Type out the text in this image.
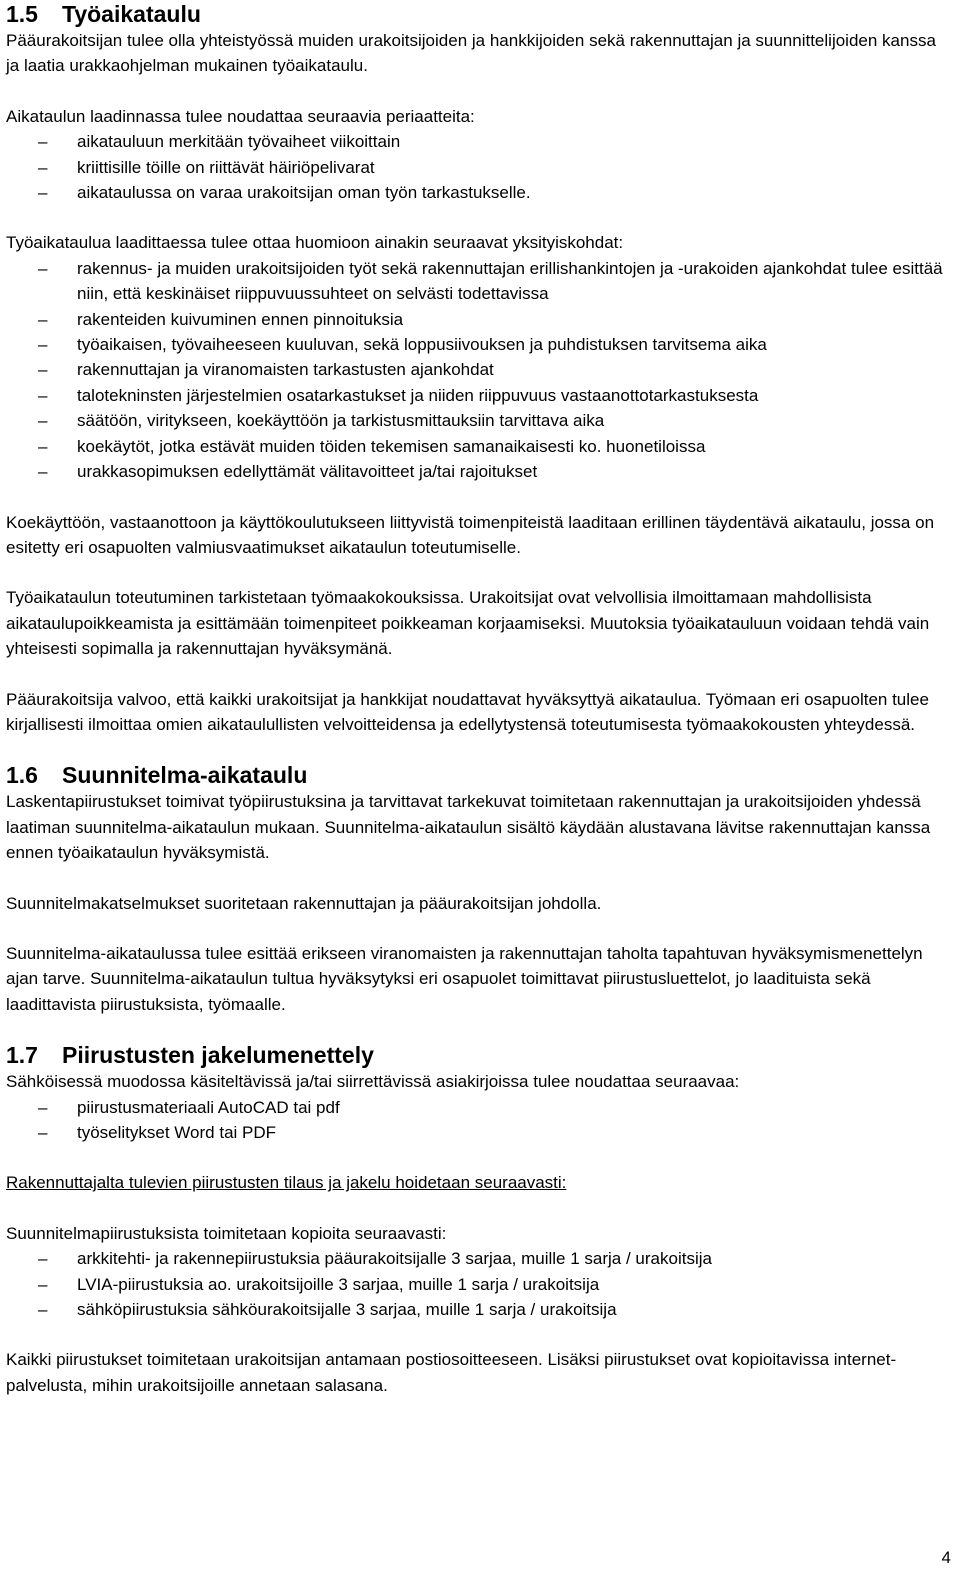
1.5	Työaikataulu

Pääurakoitsijan tulee olla yhteistyössä muiden urakoitsijoiden ja hankkijoiden sekä rakennuttajan ja suunnittelijoiden kanssa ja laatia urakkaohjelman mukainen työaikataulu.

Aikataulun laadinnassa tulee noudattaa seuraavia periaatteita:

–	aikatauluun merkitään työvaiheet viikoittain
–	kriittisille töille on riittävät häiriöpelivarat
–	aikataulussa on varaa urakoitsijan oman työn tarkastukselle.

Työaikataulua laadittaessa tulee ottaa huomioon ainakin seuraavat yksityiskohdat:

–	rakennus- ja muiden urakoitsijoiden työt sekä rakennuttajan erillishankintojen ja -urakoiden ajankohdat tulee esittää niin, että keskinäiset riippuvuussuhteet on selvästi todettavissa
–	rakenteiden kuivuminen ennen pinnoituksia
–	työaikaisen, työvaiheeseen kuuluvan, sekä loppusiivouksen ja puhdistuksen tarvitsema aika
–	rakennuttajan ja viranomaisten tarkastusten ajankohdat
–	talotekninsten järjestelmien osatarkastukset ja niiden riippuvuus vastaanottotarkastuksesta
–	säätöön, viritykseen, koekäyttöön ja tarkistusmittauksiin tarvittava aika
–	koekäytöt, jotka estävät muiden töiden tekemisen samanaikaisesti ko. huonetiloissa
–	urakkasopimuksen edellyttämät välitavoitteet ja/tai rajoitukset

Koekäyttöön, vastaanottoon ja käyttökoulutukseen liittyvistä toimenpiteistä laaditaan erillinen täydentävä aikataulu, jossa on esitetty eri osapuolten valmiusvaatimukset aikataulun toteutumiselle.

Työaikataulun toteutuminen tarkistetaan työmaakokouksissa. Urakoitsijat ovat velvollisia ilmoittamaan mahdollisista aikataulupoikkeamista ja esittämään toimenpiteet poikkeaman korjaamiseksi. Muutoksia työaikatauluun voidaan tehdä vain yhteisesti sopimalla ja rakennuttajan hyväksymänä.

Pääurakoitsija valvoo, että kaikki urakoitsijat ja hankkijat noudattavat hyväksyttyä aikataulua. Työmaan eri osapuolten tulee kirjallisesti ilmoittaa omien aikataulullisten velvoitteidensa ja edellytystensä toteutumisesta työmaakokousten yhteydessä.

1.6	Suunnitelma-aikataulu

Laskentapiirustukset toimivat työpiirustuksina ja tarvittavat tarkekuvat toimitetaan rakennuttajan ja urakoitsijoiden yhdessä laatiman suunnitelma-aikataulun mukaan. Suunnitelma-aikataulun sisältö käydään alustavana lävitse rakennuttajan kanssa ennen työaikataulun hyväksymistä.

Suunnitelmakatselmukset suoritetaan rakennuttajan ja pääurakoitsijan johdolla.

Suunnitelma-aikataulussa tulee esittää erikseen viranomaisten ja rakennuttajan taholta tapahtuvan hyväksymismenettelyn ajan tarve. Suunnitelma-aikataulun tultua hyväksytyksi eri osapuolet toimittavat piirustusluettelot, jo laadituista sekä laadittavista piirustuksista, työmaalle.

1.7	Piirustusten jakelumenettely

Sähköisessä muodossa käsiteltävissä ja/tai siirrettävissä asiakirjoissa tulee noudattaa seuraavaa:

–	piirustusmateriaali AutoCAD tai pdf
–	työselitykset Word tai PDF

Rakennuttajalta tulevien piirustusten tilaus ja jakelu hoidetaan seuraavasti:

Suunnitelmapiirustuksista toimitetaan kopioita seuraavasti:

–	arkkitehti- ja rakennepiirustuksia pääurakoitsijalle 3 sarjaa, muille 1 sarja / urakoitsija
–	LVIA-piirustuksia ao. urakoitsijoille 3 sarjaa, muille 1 sarja / urakoitsija
–	sähköpiirustuksia sähköurakoitsijalle 3 sarjaa, muille 1 sarja / urakoitsija

Kaikki piirustukset toimitetaan urakoitsijan antamaan postiosoitteeseen. Lisäksi piirustukset ovat kopioitavissa internet-palvelusta, mihin urakoitsijoille annetaan salasana.

4
